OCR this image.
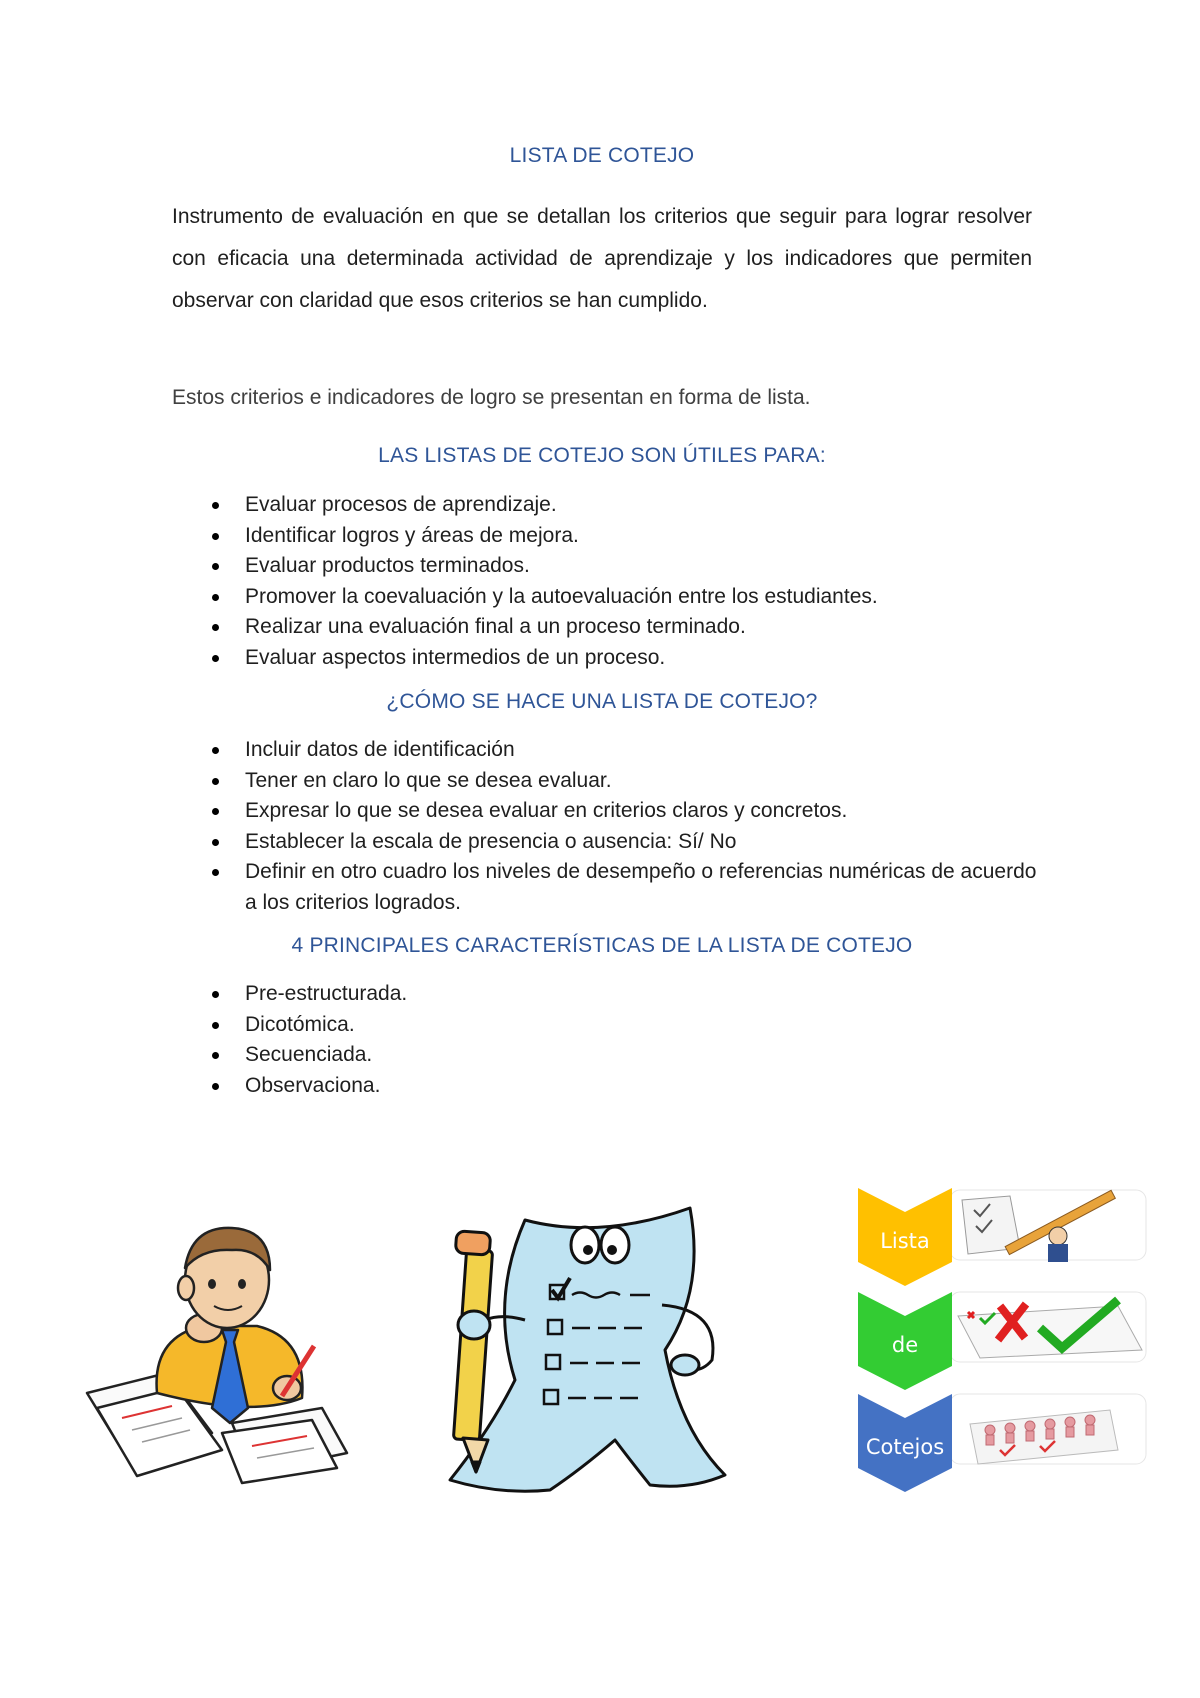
LISTA DE COTEJO

Instrumento de evaluación en que se detallan los criterios que seguir para lograr resolver con eficacia una determinada actividad de aprendizaje y los indicadores que permiten observar con claridad que esos criterios se han cumplido.

Estos criterios e indicadores de logro se presentan en forma de lista.

LAS LISTAS DE COTEJO SON ÚTILES PARA:
Evaluar procesos de aprendizaje.
Identificar logros y áreas de mejora.
Evaluar productos terminados.
Promover la coevaluación y la autoevaluación entre los estudiantes.
Realizar una evaluación final a un proceso terminado.
Evaluar aspectos intermedios de un proceso.
¿CÓMO SE HACE UNA LISTA DE COTEJO?
Incluir datos de identificación
Tener en claro lo que se desea evaluar.
Expresar lo que se desea evaluar en criterios claros y concretos.
Establecer la escala de presencia o ausencia: Sí/ No
Definir en otro cuadro los niveles de desempeño o referencias numéricas de acuerdo a los criterios logrados.
4 PRINCIPALES CARACTERÍSTICAS DE LA LISTA DE COTEJO
Pre-estructurada.
Dicotómica.
Secuenciada.
Observaciona.
Lista
de
Cotejos
